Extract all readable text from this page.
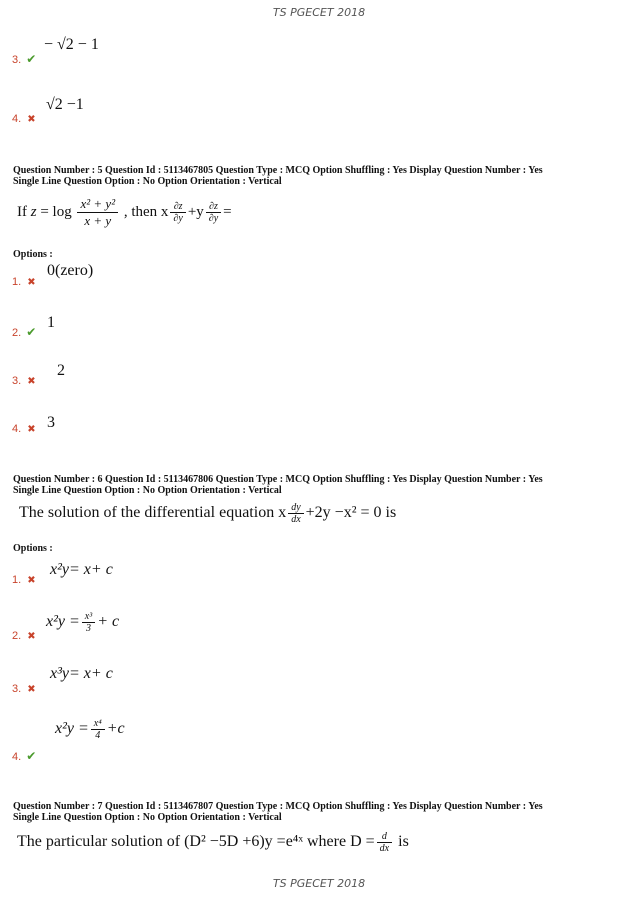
TS PGECET 2018
3. ✔
− √2 − 1
4. ✖
√2 −1
Question Number : 5 Question Id : 5113467805 Question Type : MCQ Option Shuffling : Yes Display Question Number : Yes
Single Line Question Option : No Option Orientation : Vertical
If $z = \log \frac{\text{x² + y²}}{x + y}$ , then x $\frac{\partial z}{\partial y} +y \frac{\partial z}{\partial y}$ =
Options :
1. ✖
0(zero)
2. ✔
1
3. ✖
2
4. ✖ 3
Question Number : 6 Question Id : 5113467806 Question Type : MCQ Option Shuffling : Yes Display Question Number : Yes
Single Line Question Option : No Option Orientation : Vertical
The solution of the differential equation x $\frac{dy}{dx} +2y -x^2 = 0$ is
Options :
1. ✖
x²y= x+ c
2. ✖
$x^2y = \frac{\text{x³}}{3} + c$
3. ✖
x³y= x+ c
4. ✔
$x^2y = \frac{\text{x⁴}}{4} +c$
Question Number : 7 Question Id : 5113467807 Question Type : MCQ Option Shuffling : Yes Display Question Number : Yes
Single Line Question Option : No Option Orientation : Vertical
The particular solution of (D² −5D +6)y =e⁴ˣ where $D = \frac{d}{dx}$ is
TS PGECET 2018
